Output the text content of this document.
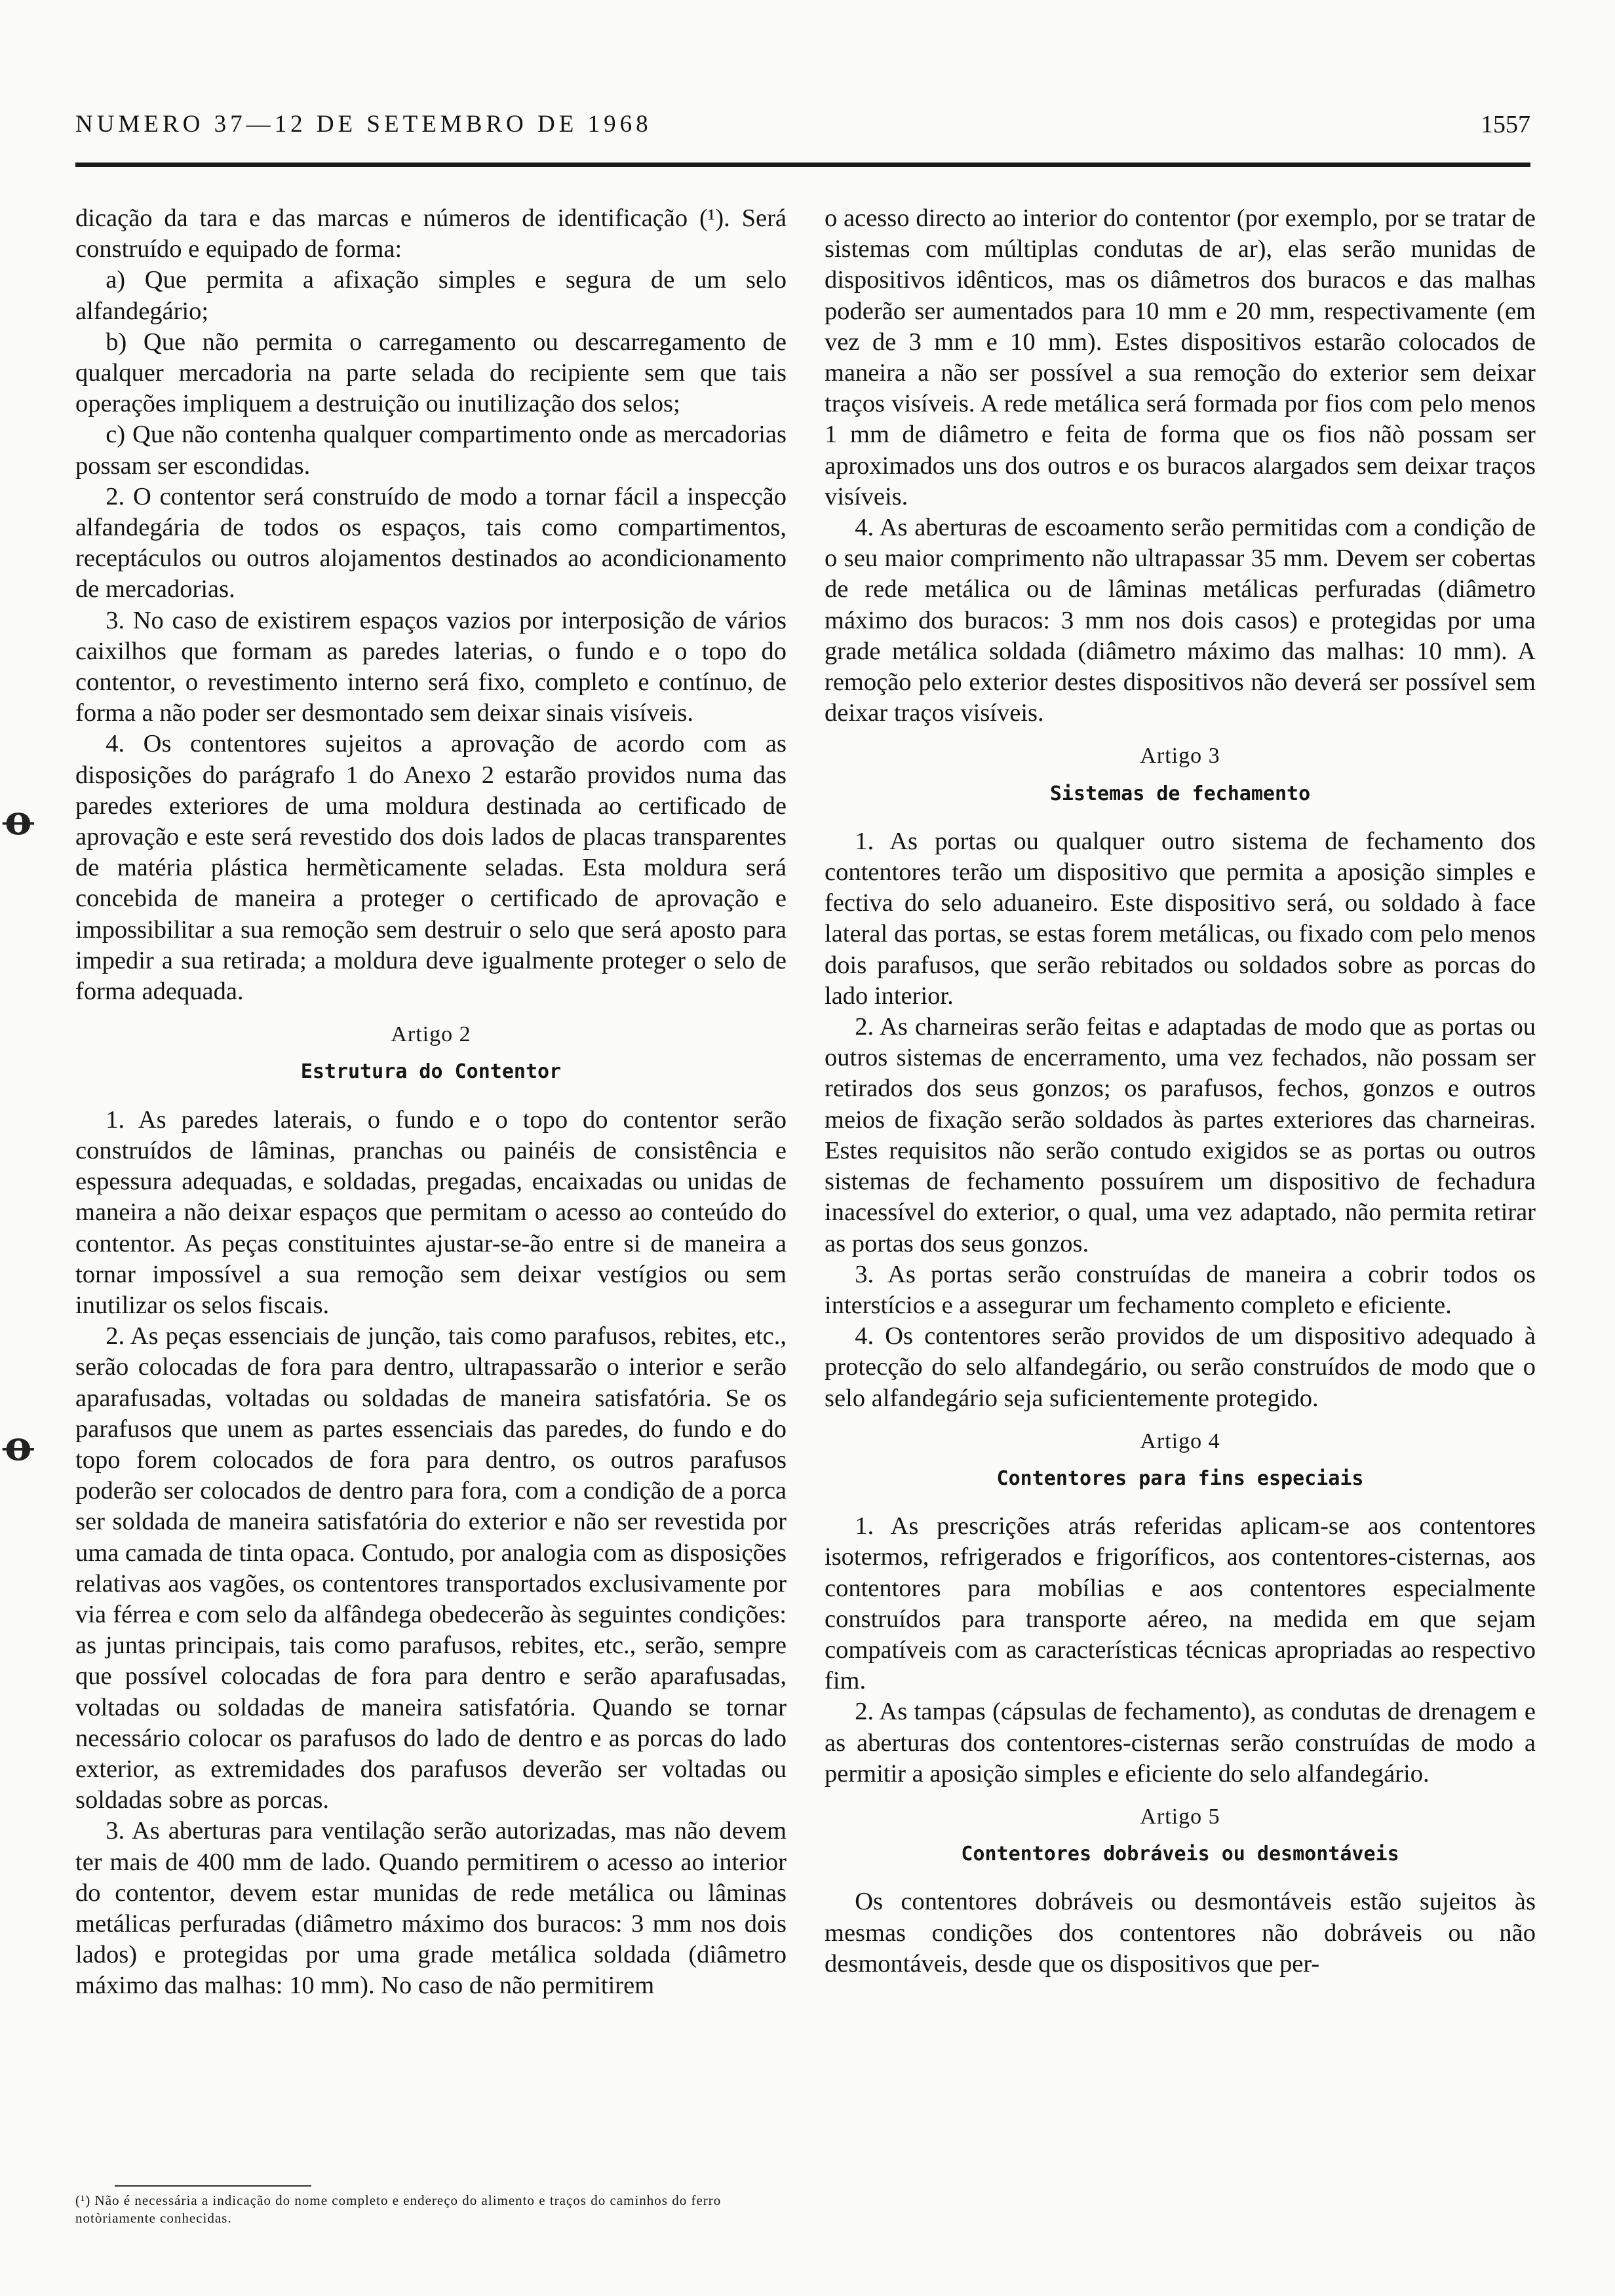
NUMERO 37—12 DE SETEMBRO DE 1968	1557
ꝋ
ꝋ

dicação da tara e das marcas e números de identificação (¹). Será construído e equipado de forma:

a) Que permita a afixação simples e segura de um selo alfandegário;

b) Que não permita o carregamento ou descarregamento de qualquer mercadoria na parte selada do recipiente sem que tais operações impliquem a destruição ou inutilização dos selos;

c) Que não contenha qualquer compartimento onde as mercadorias possam ser escondidas.

2. O contentor será construído de modo a tornar fácil a inspecção alfandegária de todos os espaços, tais como compartimentos, receptáculos ou outros alojamentos destinados ao acondicionamento de mercadorias.

3. No caso de existirem espaços vazios por interposição de vários caixilhos que formam as paredes laterias, o fundo e o topo do contentor, o revestimento interno será fixo, completo e contínuo, de forma a não poder ser desmontado sem deixar sinais visíveis.

4. Os contentores sujeitos a aprovação de acordo com as disposições do parágrafo 1 do Anexo 2 estarão providos numa das paredes exteriores de uma moldura destinada ao certificado de aprovação e este será revestido dos dois lados de placas transparentes de matéria plástica hermèticamente seladas. Esta moldura será concebida de maneira a proteger o certificado de aprovação e impossibilitar a sua remoção sem destruir o selo que será aposto para impedir a sua retirada; a moldura deve igualmente proteger o selo de forma adequada.

Artigo 2
Estrutura do Contentor

1. As paredes laterais, o fundo e o topo do contentor serão construídos de lâminas, pranchas ou painéis de consistência e espessura adequadas, e soldadas, pregadas, encaixadas ou unidas de maneira a não deixar espaços que permitam o acesso ao conteúdo do contentor. As peças constituintes ajustar-se-ão entre si de maneira a tornar impossível a sua remoção sem deixar vestígios ou sem inutilizar os selos fiscais.

2. As peças essenciais de junção, tais como parafusos, rebites, etc., serão colocadas de fora para dentro, ultrapassarão o interior e serão aparafusadas, voltadas ou soldadas de maneira satisfatória. Se os parafusos que unem as partes essenciais das paredes, do fundo e do topo forem colocados de fora para dentro, os outros parafusos poderão ser colocados de dentro para fora, com a condição de a porca ser soldada de maneira satisfatória do exterior e não ser revestida por uma camada de tinta opaca. Contudo, por analogia com as disposições relativas aos vagões, os contentores transportados exclusivamente por via férrea e com selo da alfândega obedecerão às seguintes condições: as juntas principais, tais como parafusos, rebites, etc., serão, sempre que possível colocadas de fora para dentro e serão aparafusadas, voltadas ou soldadas de maneira satisfatória. Quando se tornar necessário colocar os parafusos do lado de dentro e as porcas do lado exterior, as extremidades dos parafusos deverão ser voltadas ou soldadas sobre as porcas.

3. As aberturas para ventilação serão autorizadas, mas não devem ter mais de 400 mm de lado. Quando permitirem o acesso ao interior do contentor, devem estar munidas de rede metálica ou lâminas metálicas perfuradas (diâmetro máximo dos buracos: 3 mm nos dois lados) e protegidas por uma grade metálica soldada (diâmetro máximo das malhas: 10 mm). No caso de não permitirem

o acesso directo ao interior do contentor (por exemplo, por se tratar de sistemas com múltiplas condutas de ar), elas serão munidas de dispositivos idênticos, mas os diâmetros dos buracos e das malhas poderão ser aumentados para 10 mm e 20 mm, respectivamente (em vez de 3 mm e 10 mm). Estes dispositivos estarão colocados de maneira a não ser possível a sua remoção do exterior sem deixar traços visíveis. A rede metálica será formada por fios com pelo menos 1 mm de diâmetro e feita de forma que os fios nãò possam ser aproximados uns dos outros e os buracos alargados sem deixar traços visíveis.

4. As aberturas de escoamento serão permitidas com a condição de o seu maior comprimento não ultrapassar 35 mm. Devem ser cobertas de rede metálica ou de lâminas metálicas perfuradas (diâmetro máximo dos buracos: 3 mm nos dois casos) e protegidas por uma grade metálica soldada (diâmetro máximo das malhas: 10 mm). A remoção pelo exterior destes dispositivos não deverá ser possível sem deixar traços visíveis.

Artigo 3
Sistemas de fechamento

1. As portas ou qualquer outro sistema de fechamento dos contentores terão um dispositivo que permita a aposição simples e fectiva do selo aduaneiro. Este dispositivo será, ou soldado à face lateral das portas, se estas forem metálicas, ou fixado com pelo menos dois parafusos, que serão rebitados ou soldados sobre as porcas do lado interior.

2. As charneiras serão feitas e adaptadas de modo que as portas ou outros sistemas de encerramento, uma vez fechados, não possam ser retirados dos seus gonzos; os parafusos, fechos, gonzos e outros meios de fixação serão soldados às partes exteriores das charneiras. Estes requisitos não serão contudo exigidos se as portas ou outros sistemas de fechamento possuírem um dispositivo de fechadura inacessível do exterior, o qual, uma vez adaptado, não permita retirar as portas dos seus gonzos.

3. As portas serão construídas de maneira a cobrir todos os interstícios e a assegurar um fechamento completo e eficiente.

4. Os contentores serão providos de um dispositivo adequado à protecção do selo alfandegário, ou serão construídos de modo que o selo alfandegário seja suficientemente protegido.

Artigo 4
Contentores para fins especiais

1. As prescrições atrás referidas aplicam-se aos contentores isotermos, refrigerados e frigoríficos, aos contentores-cisternas, aos contentores para mobílias e aos contentores especialmente construídos para transporte aéreo, na medida em que sejam compatíveis com as características técnicas apropriadas ao respectivo fim.

2. As tampas (cápsulas de fechamento), as condutas de drenagem e as aberturas dos contentores-cisternas serão construídas de modo a permitir a aposição simples e eficiente do selo alfandegário.

Artigo 5
Contentores dobráveis ou desmontáveis

Os contentores dobráveis ou desmontáveis estão sujeitos às mesmas condições dos contentores não dobráveis ou não desmontáveis, desde que os dispositivos que per-

(¹) Não é necessária a indicação do nome completo e endereço do alimento e traços do caminhos do ferro notòriamente conhecidas.
